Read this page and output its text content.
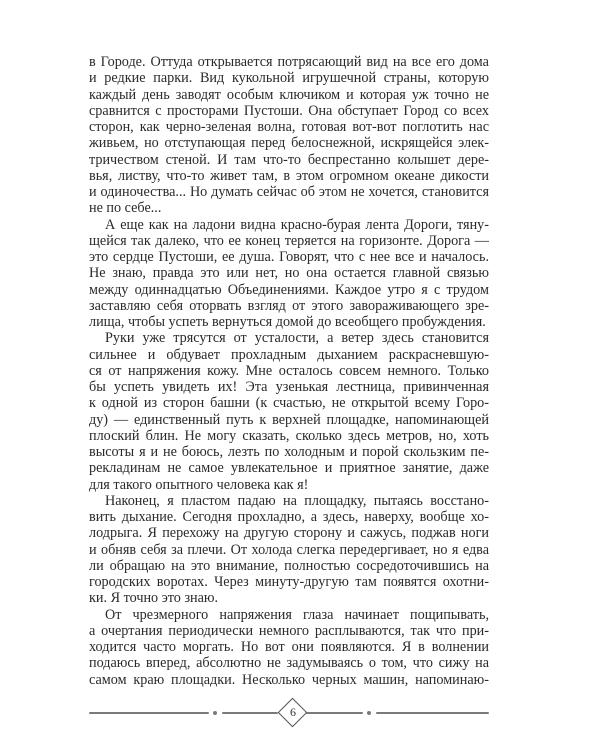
в Городе. Оттуда открывается потрясающий вид на все его дома
и редкие парки. Вид кукольной игрушечной страны, которую
каждый день заводят особым ключиком и которая уж точно не
сравнится с просторами Пустоши. Она обступает Город со всех
сторон, как черно-зеленая волна, готовая вот-вот поглотить нас
живьем, но отступающая перед белоснежной, искрящейся элек-
тричеством стеной. И там что-то беспрестанно колышет дере-
вья, листву, что-то живет там, в этом огромном океане дикости
и одиночества... Но думать сейчас об этом не хочется, становится
не по себе...
А еще как на ладони видна красно-бурая лента Дороги, тяну-
щейся так далеко, что ее конец теряется на горизонте. Дорога —
это сердце Пустоши, ее душа. Говорят, что с нее все и началось.
Не знаю, правда это или нет, но она остается главной связью
между одиннадцатью Объединениями. Каждое утро я с трудом
заставляю себя оторвать взгляд от этого завораживающего зре-
лища, чтобы успеть вернуться домой до всеобщего пробуждения.
Руки уже трясутся от усталости, а ветер здесь становится
сильнее и обдувает прохладным дыханием раскрасневшую-
ся от напряжения кожу. Мне осталось совсем немного. Только
бы успеть увидеть их! Эта узенькая лестница, привинченная
к одной из сторон башни (к счастью, не открытой всему Горо-
ду) — единственный путь к верхней площадке, напоминающей
плоский блин. Не могу сказать, сколько здесь метров, но, хоть
высоты я и не боюсь, лезть по холодным и порой скользким пе-
рекладинам не самое увлекательное и приятное занятие, даже
для такого опытного человека как я!
Наконец, я пластом падаю на площадку, пытаясь восстано-
вить дыхание. Сегодня прохладно, а здесь, наверху, вообще хо-
лодрыга. Я перехожу на другую сторону и сажусь, поджав ноги
и обняв себя за плечи. От холода слегка передергивает, но я едва
ли обращаю на это внимание, полностью сосредоточившись на
городских воротах. Через минуту-другую там появятся охотни-
ки. Я точно это знаю.
От чрезмерного напряжения глаза начинает пощипывать,
а очертания периодически немного расплываются, так что при-
ходится часто моргать. Но вот они появляются. Я в волнении
подаюсь вперед, абсолютно не задумываясь о том, что сижу на
самом краю площадки. Несколько черных машин, напоминаю-
6
